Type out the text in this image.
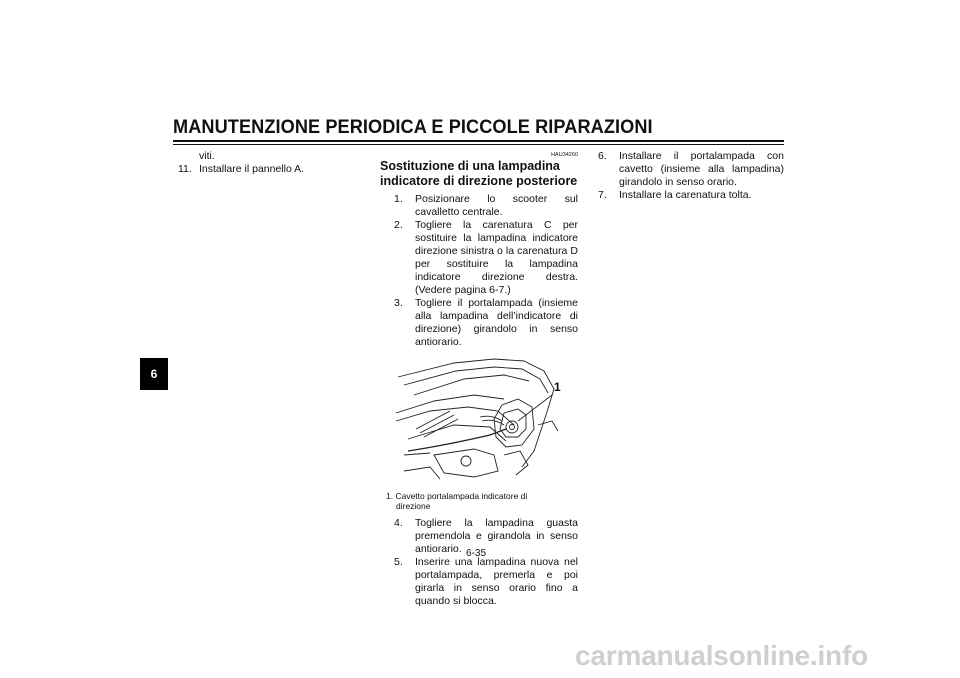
MANUTENZIONE PERIODICA E PICCOLE RIPARAZIONI
6
viti.
11. Installare il pannello A.
HAU34260
Sostituzione di una lampadina indicatore di direzione posteriore
1.	Posizionare lo scooter sul cavalletto centrale.
2.	Togliere la carenatura C per sostituire la lampadina indicatore direzione sinistra o la carenatura D per sostituire la lampadina indicatore direzione destra. (Vedere pagina 6-7.)
3.	Togliere il portalampada (insieme alla lampadina dell’indicatore di direzione) girandolo in senso antiorario.
1
1. Cavetto portalampada indicatore di
direzione
4.	Togliere la lampadina guasta premendola e girandola in senso antiorario.
5.	Inserire una lampadina nuova nel portalampada, premerla e poi girarla in senso orario fino a quando si blocca.
6.	Installare il portalampada con cavetto (insieme alla lampadina) girandolo in senso orario.
7.	Installare la carenatura tolta.
6-35
carmanualsonline.info
